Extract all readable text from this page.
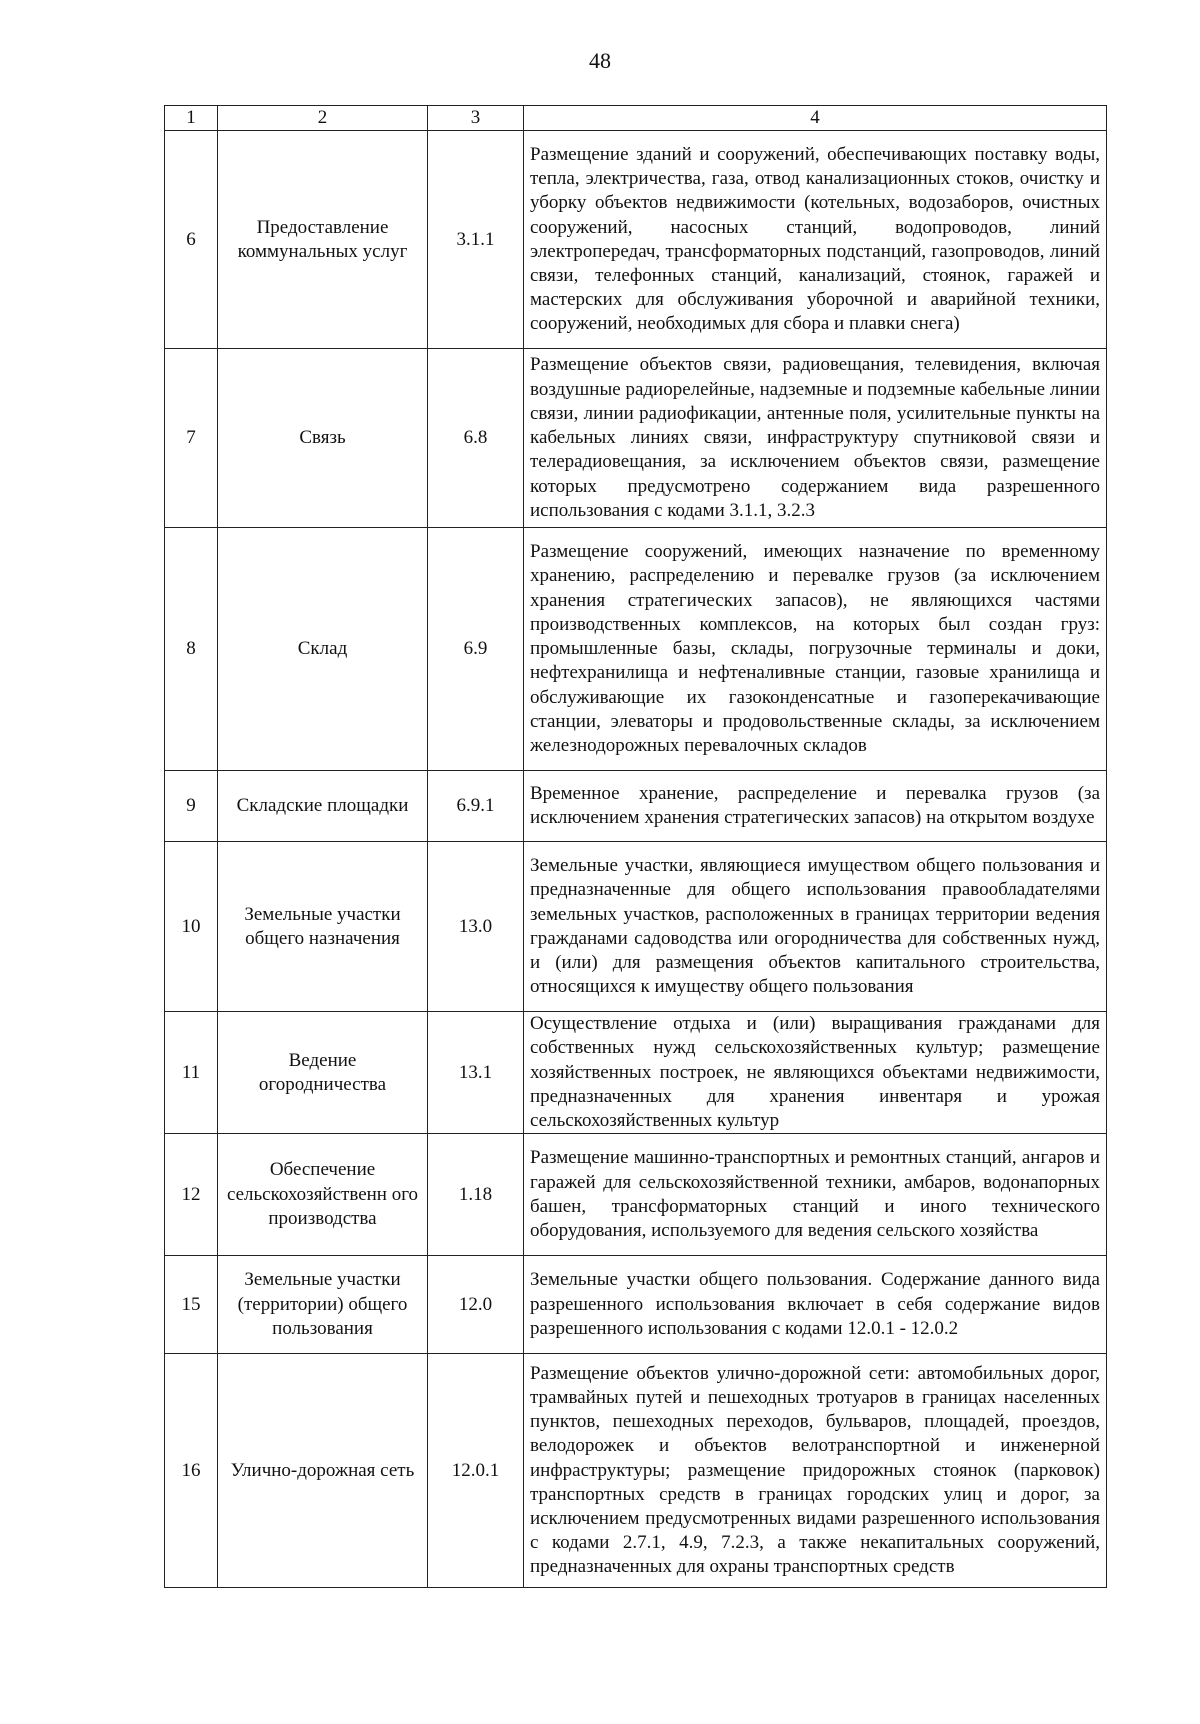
48
1	2	3	4
6	Предоставление коммунальных услуг	3.1.1	Размещение зданий и сооружений, обеспечивающих поставку воды, тепла, электричества, газа, отвод канализационных стоков, очистку и уборку объектов недвижимости (котельных, водозаборов, очистных сооружений, насосных станций, водопроводов, линий электропередач, трансформаторных подстанций, газопроводов, линий связи, телефонных станций, канализаций, стоянок, гаражей и мастерских для обслуживания уборочной и аварийной техники, сооружений, необходимых для сбора и плавки снега)
7	Связь	6.8	Размещение объектов связи, радиовещания, телевидения, включая воздушные радиорелейные, надземные и подземные кабельные линии связи, линии радиофикации, антенные поля, усилительные пункты на кабельных линиях связи, инфраструктуру спутниковой связи и телерадиовещания, за исключением объектов связи, размещение которых предусмотрено содержанием вида разрешенного использования с кодами 3.1.1, 3.2.3
8	Склад	6.9	Размещение сооружений, имеющих назначение по временному хранению, распределению и перевалке грузов (за исключением хранения стратегических запасов), не являющихся частями производственных комплексов, на которых был создан груз: промышленные базы, склады, погрузочные терминалы и доки, нефтехранилища и нефтеналивные станции, газовые хранилища и обслуживающие их газоконденсатные и газоперекачивающие станции, элеваторы и продовольственные склады, за исключением железнодорожных перевалочных складов
9	Складские площадки	6.9.1	Временное хранение, распределение и перевалка грузов (за исключением хранения стратегических запасов) на открытом воздухе
10	Земельные участки общего назначения	13.0	Земельные участки, являющиеся имуществом общего пользования и предназначенные для общего использования правообладателями земельных участков, расположенных в границах территории ведения гражданами садоводства или огородничества для собственных нужд, и (или) для размещения объектов капитального строительства, относящихся к имуществу общего пользования
11	Ведение огородничества	13.1	Осуществление отдыха и (или) выращивания гражданами для собственных нужд сельскохозяйственных культур; размещение хозяйственных построек, не являющихся объектами недвижимости, предназначенных для хранения инвентаря и урожая сельскохозяйственных культур
12	Обеспечение сельскохозяйственн ого производства	1.18	Размещение машинно-транспортных и ремонтных станций, ангаров и гаражей для сельскохозяйственной техники, амбаров, водонапорных башен, трансформаторных станций и иного технического оборудования, используемого для ведения сельского хозяйства
15	Земельные участки (территории) общего пользования	12.0	Земельные участки общего пользования. Содержание данного вида разрешенного использования включает в себя содержание видов разрешенного использования с кодами 12.0.1 - 12.0.2
16	Улично-дорожная сеть	12.0.1	Размещение объектов улично-дорожной сети: автомобильных дорог, трамвайных путей и пешеходных тротуаров в границах населенных пунктов, пешеходных переходов, бульваров, площадей, проездов, велодорожек и объектов велотранспортной и инженерной инфраструктуры; размещение придорожных стоянок (парковок) транспортных средств в границах городских улиц и дорог, за исключением предусмотренных видами разрешенного использования с кодами 2.7.1, 4.9, 7.2.3, а также некапитальных сооружений, предназначенных для охраны транспортных средств
